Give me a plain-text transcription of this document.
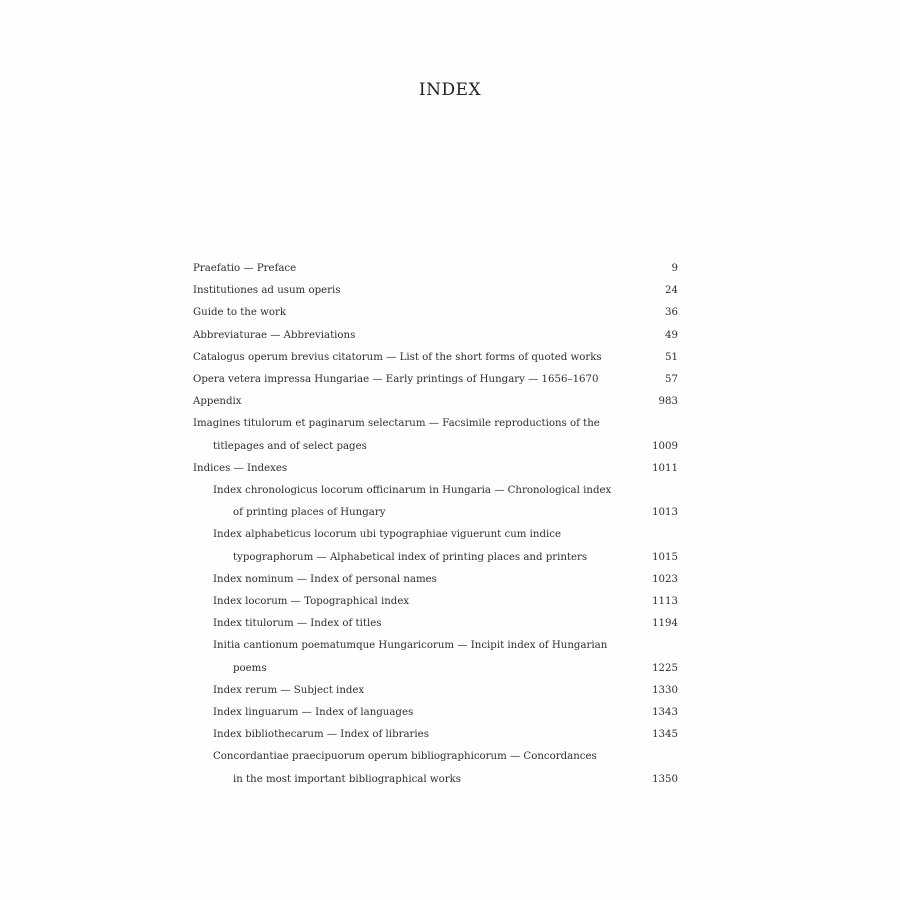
INDEX
Praefatio — Preface	9
Institutiones ad usum operis	24
Guide to the work	36
Abbreviaturae — Abbreviations	49
Catalogus operum brevius citatorum — List of the short forms of quoted works	51
Opera vetera impressa Hungariae — Early printings of Hungary — 1656–1670	57
Appendix	983
Imagines titulorum et paginarum selectarum — Facsimile reproductions of the
titlepages and of select pages	1009
Indices — Indexes	1011
Index chronologicus locorum officinarum in Hungaria — Chronological index
of printing places of Hungary	1013
Index alphabeticus locorum ubi typographiae viguerunt cum indice
typographorum — Alphabetical index of printing places and printers	1015
Index nominum — Index of personal names	1023
Index locorum — Topographical index	1113
Index titulorum — Index of titles	1194
Initia cantionum poematumque Hungaricorum — Incipit index of Hungarian
poems	1225
Index rerum — Subject index	1330
Index linguarum — Index of languages	1343
Index bibliothecarum — Index of libraries	1345
Concordantiae praecipuorum operum bibliographicorum — Concordances
in the most important bibliographical works	1350
